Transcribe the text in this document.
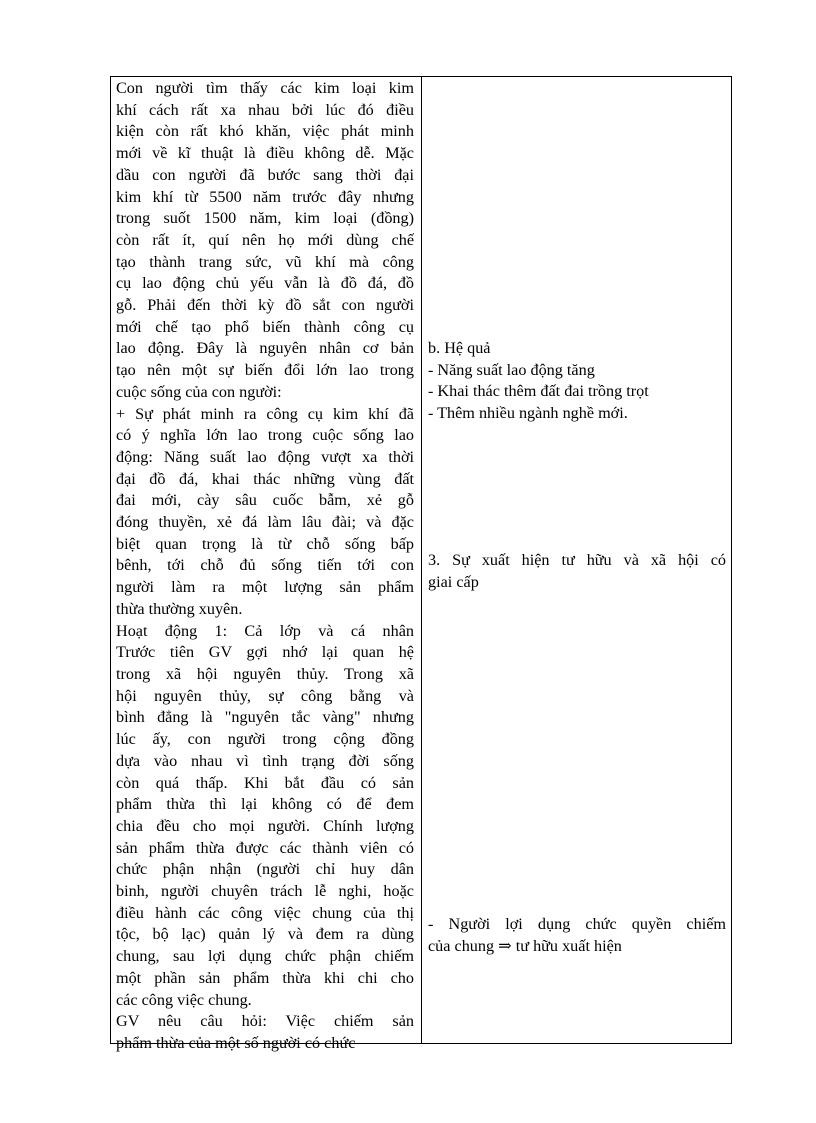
Con người tìm thấy các kim loại kim
khí cách rất xa nhau bởi lúc đó điều
kiện còn rất khó khăn, việc phát minh
mới về kĩ thuật là điều không dễ. Mặc
dầu con người đã bước sang thời đại
kim khí từ 5500 năm trước đây nhưng
trong suốt 1500 năm, kim loại (đồng)
còn rất ít, quí nên họ mới dùng chế
tạo thành trang sức, vũ khí mà công
cụ lao động chủ yếu vẫn là đồ đá, đồ
gỗ. Phải đến thời kỳ đồ sắt con người
mới chế tạo phổ biến thành công cụ
lao động. Đây là nguyên nhân cơ bản
tạo nên một sự biến đổi lớn lao trong
cuộc sống của con người:
+ Sự phát minh ra công cụ kim khí đã
có ý nghĩa lớn lao trong cuộc sống lao
động: Năng suất lao động vượt xa thời
đại đồ đá, khai thác những vùng đất
đai mới, cày sâu cuốc bẫm, xẻ gỗ
đóng thuyền, xẻ đá làm lâu đài; và đặc
biệt quan trọng là từ chỗ sống bấp
bênh, tới chỗ đủ sống tiến tới con
người làm ra một lượng sản phẩm
thừa thường xuyên.
Hoạt động 1: Cả lớp và cá nhân
Trước tiên GV gợi nhớ lại quan hệ
trong xã hội nguyên thủy. Trong xã
hội nguyên thủy, sự công bằng và
bình đẳng là "nguyên tắc vàng" nhưng
lúc ấy, con người trong cộng đồng
dựa vào nhau vì tình trạng đời sống
còn quá thấp. Khi bắt đầu có sản
phẩm thừa thì lại không có để đem
chia đều cho mọi người. Chính lượng
sản phẩm thừa được các thành viên có
chức phận nhận (người chỉ huy dân
binh, người chuyên trách lễ nghi, hoặc
điều hành các công việc chung của thị
tộc, bộ lạc) quản lý và đem ra dùng
chung, sau lợi dụng chức phận chiếm
một phần sản phẩm thừa khi chi cho
các công việc chung.
GV nêu câu hỏi: Việc chiếm sản
phẩm thừa của một số người có chức
b. Hệ quả
- Năng suất lao động tăng
- Khai thác thêm đất đai trồng trọt
- Thêm nhiều ngành nghề mới.
3. Sự xuất hiện tư hữu và xã hội có
giai cấp
- Người lợi dụng chức quyền chiếm
của chung ⇒ tư hữu xuất hiện
